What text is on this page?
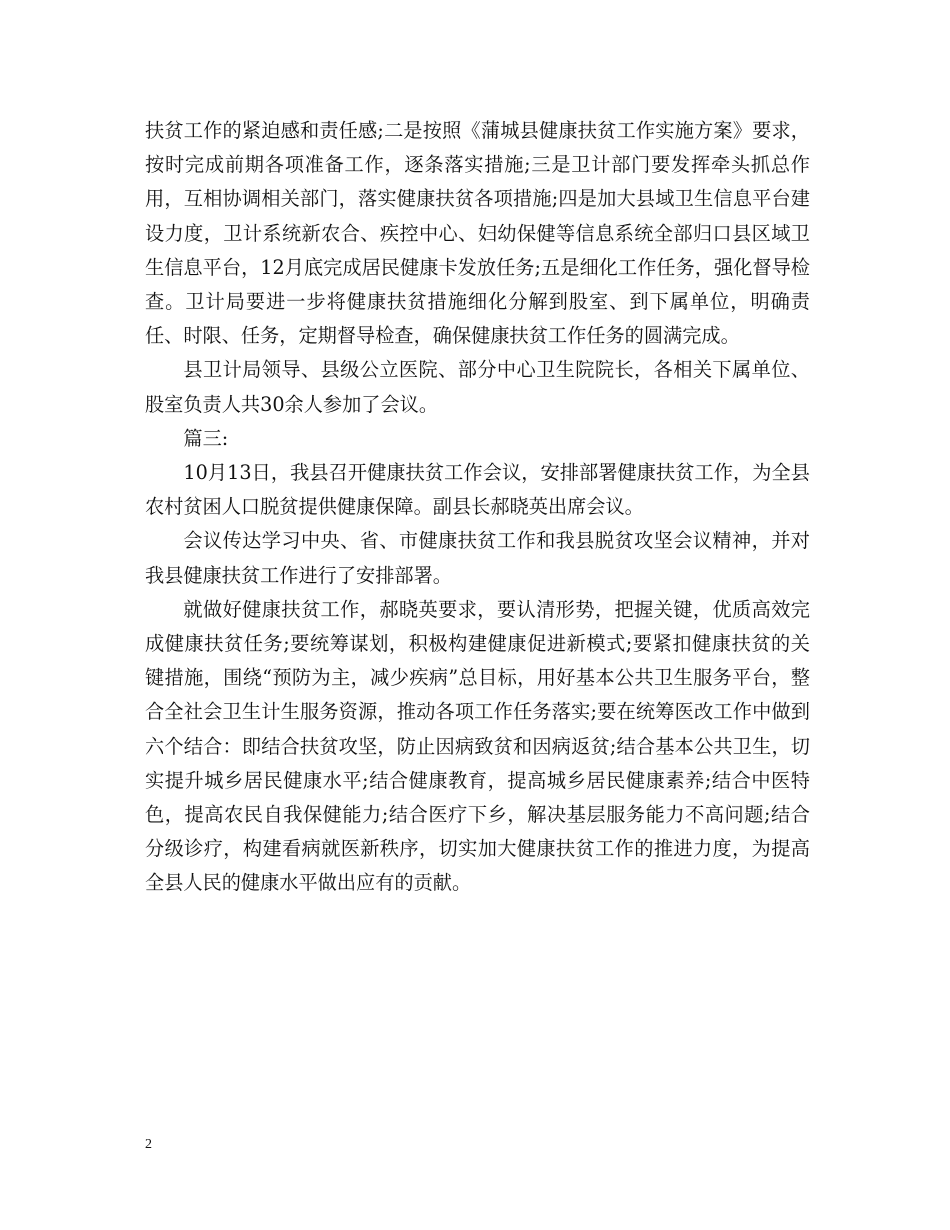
扶贫工作的紧迫感和责任感;二是按照《蒲城县健康扶贫工作实施方案》要求，按时完成前期各项准备工作，逐条落实措施;三是卫计部门要发挥牵头抓总作用，互相协调相关部门，落实健康扶贫各项措施;四是加大县域卫生信息平台建设力度，卫计系统新农合、疾控中心、妇幼保健等信息系统全部归口县区域卫生信息平台，12月底完成居民健康卡发放任务;五是细化工作任务，强化督导检查。卫计局要进一步将健康扶贫措施细化分解到股室、到下属单位，明确责任、时限、任务，定期督导检查，确保健康扶贫工作任务的圆满完成。

县卫计局领导、县级公立医院、部分中心卫生院院长，各相关下属单位、股室负责人共30余人参加了会议。

篇三:

10月13日，我县召开健康扶贫工作会议，安排部署健康扶贫工作，为全县农村贫困人口脱贫提供健康保障。副县长郝晓英出席会议。

会议传达学习中央、省、市健康扶贫工作和我县脱贫攻坚会议精神，并对我县健康扶贫工作进行了安排部署。

就做好健康扶贫工作，郝晓英要求，要认清形势，把握关键，优质高效完成健康扶贫任务;要统筹谋划，积极构建健康促进新模式;要紧扣健康扶贫的关键措施，围绕“预防为主，减少疾病”总目标，用好基本公共卫生服务平台，整合全社会卫生计生服务资源，推动各项工作任务落实;要在统筹医改工作中做到六个结合：即结合扶贫攻坚，防止因病致贫和因病返贫;结合基本公共卫生，切实提升城乡居民健康水平;结合健康教育，提高城乡居民健康素养;结合中医特色，提高农民自我保健能力;结合医疗下乡，解决基层服务能力不高问题;结合分级诊疗，构建看病就医新秩序，切实加大健康扶贫工作的推进力度，为提高全县人民的健康水平做出应有的贡献。

2
